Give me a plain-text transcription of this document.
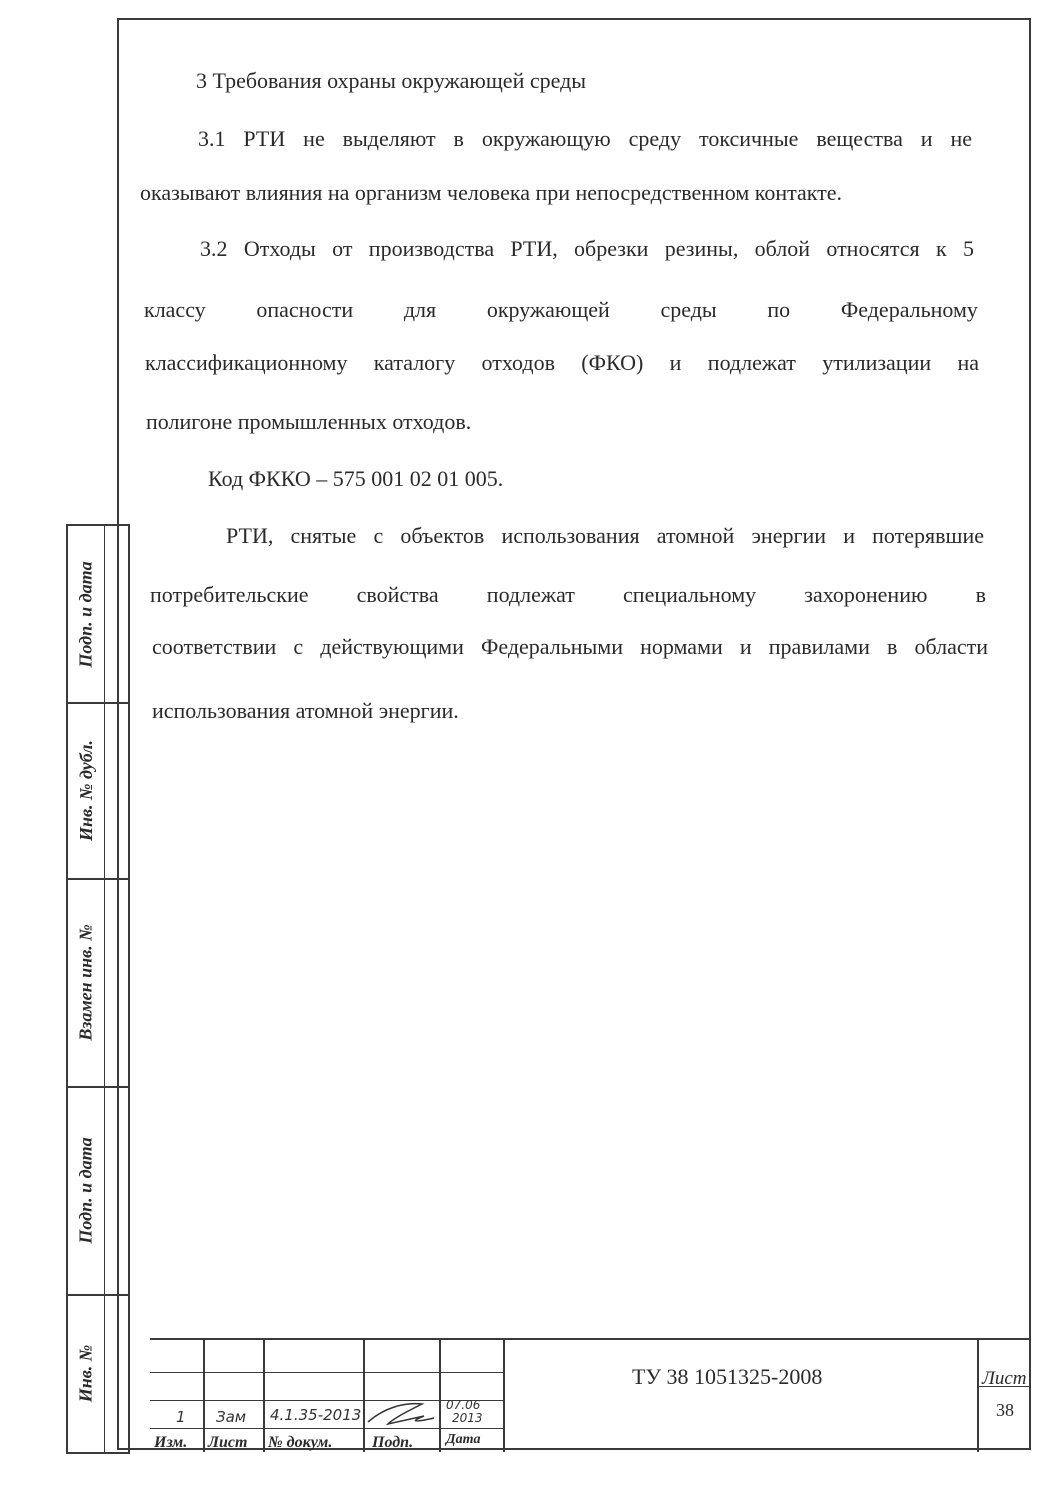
Подп. и дата
Инв. № дубл.
Взамен инв. №
Подп. и дата
Инв. №
3 Требования охраны окружающей среды
3.1 РТИ не выделяют в окружающую среду токсичные вещества и не
оказывают влияния на организм человека при непосредственном контакте.
3.2 Отходы от производства РТИ, обрезки резины, облой относятся к 5
классу опасности для окружающей среды по Федеральному
классификационному каталогу отходов (ФКО) и подлежат утилизации на
полигоне промышленных отходов.
Код ФККО – 575 001 02 01 005.
РТИ, снятые с объектов использования атомной энергии и потерявшие
потребительские свойства подлежат специальному захоронению в
соответствии с действующими Федеральными нормами и правилами в области
использования атомной энергии.
Изм. Лист № докум. Подп. Дата
1 Зам 4.1.35-2013
07.06
2013
ТУ 38 1051325-2008	Лист
38
